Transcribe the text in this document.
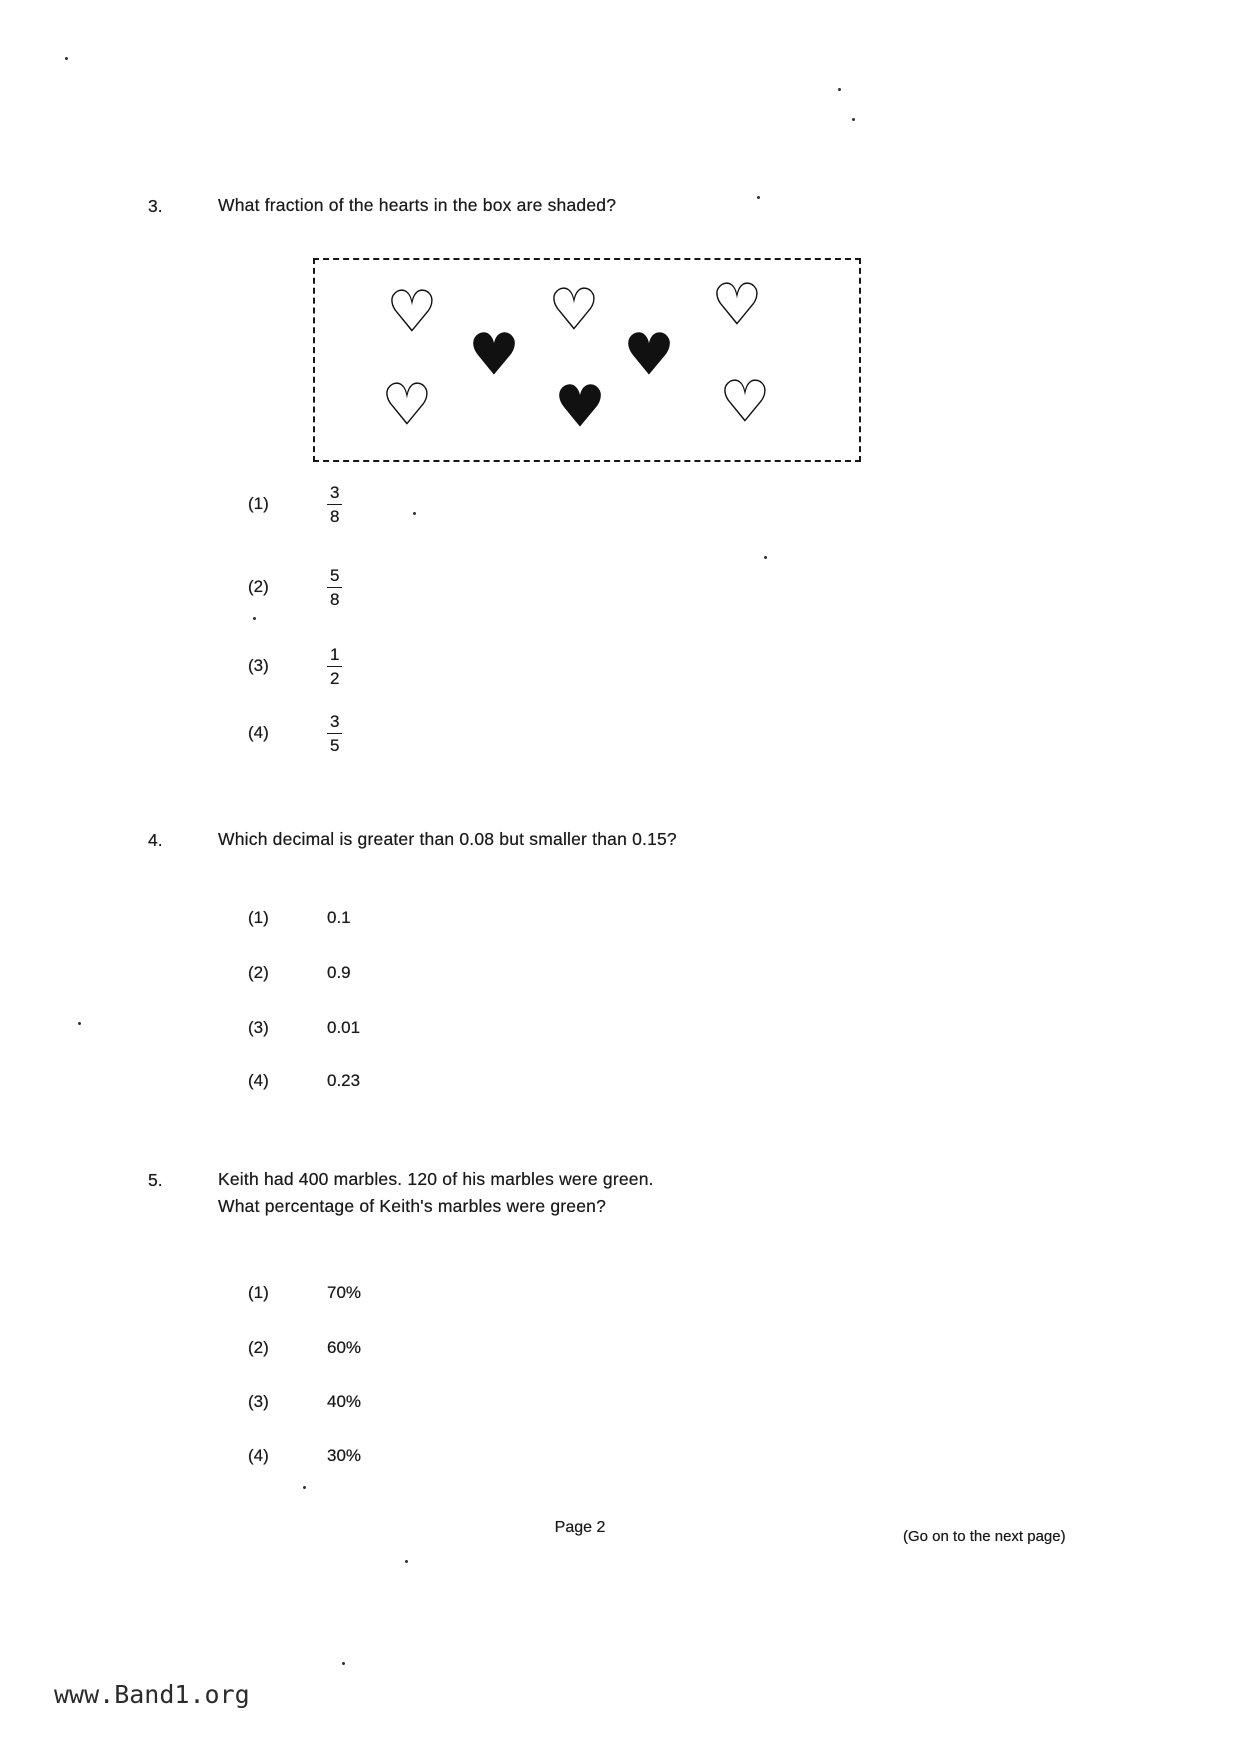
3.	What fraction of the hearts in the box are shaded?
♡
♥
♡
♥
♡
♡ ♥ ♡
(1)	$\frac{3}{8}$
(2)	$\frac{5}{8}$
(3)	$\frac{1}{2}$
(4)	$\frac{3}{5}$
4.	Which decimal is greater than 0.08 but smaller than 0.15?
(1)	0.1
(2)	0.9
(3)	0.01
(4)	0.23
5.	Keith had 400 marbles. 120 of his marbles were green.
What percentage of Keith's marbles were green?
(1)	70%
(2)	60%
(3)	40%
(4)	30%
Page 2
(Go on to the next page)
www.Band1.org
